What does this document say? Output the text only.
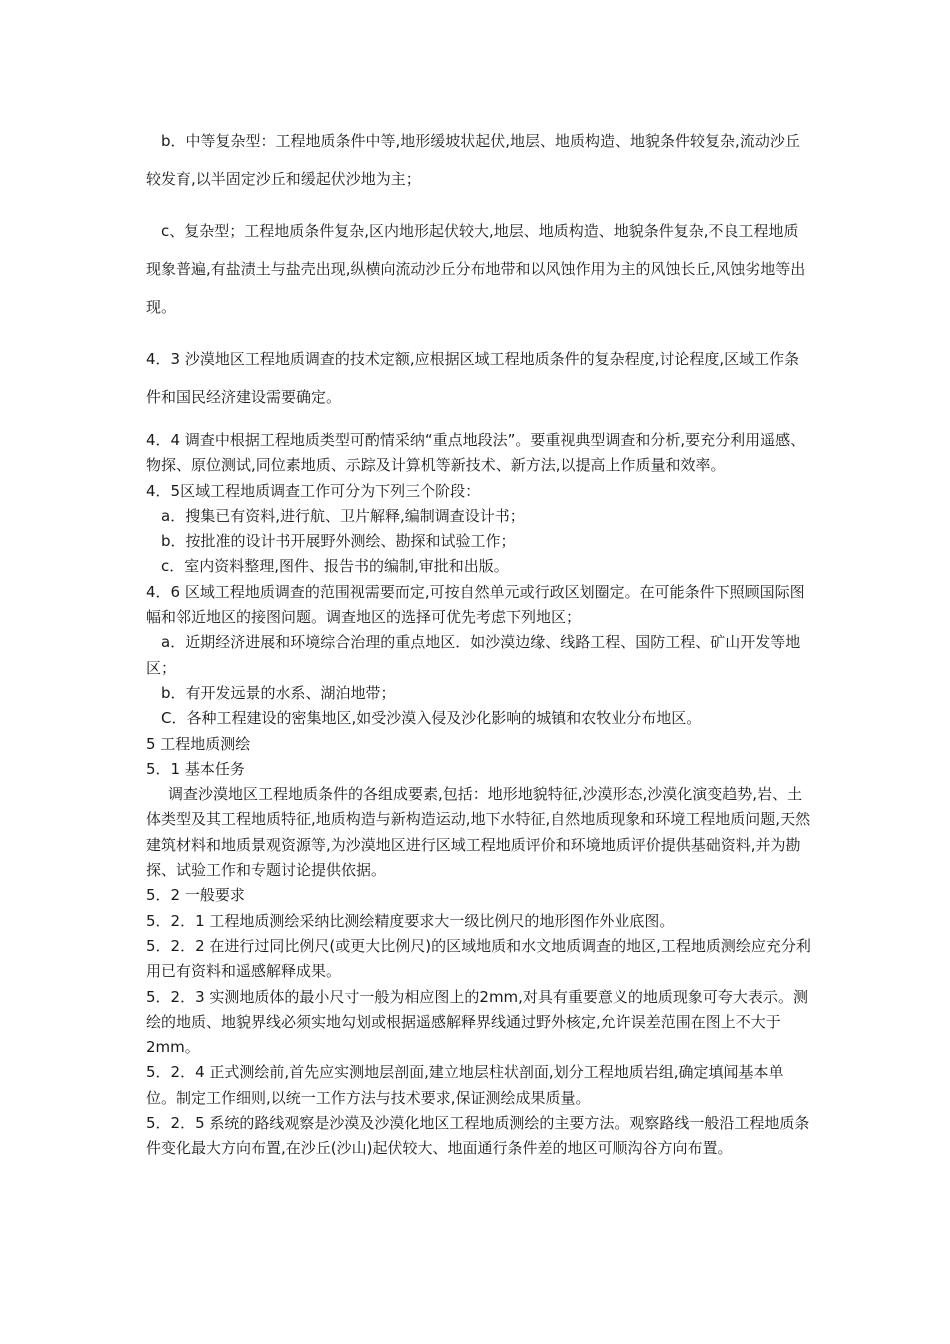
b．中等复杂型：工程地质条件中等,地形缓坡状起伏,地层、地质构造、地貌条件较复杂,流动沙丘较发育,以半固定沙丘和缓起伏沙地为主；

c、复杂型；工程地质条件复杂,区内地形起伏较大,地层、地质构造、地貌条件复杂,不良工程地质现象普遍,有盐渍土与盐壳出现,纵横向流动沙丘分布地带和以风蚀作用为主的风蚀长丘,风蚀劣地等出现。

4．3 沙漠地区工程地质调查的技术定额,应根据区域工程地质条件的复杂程度,讨论程度,区域工作条件和国民经济建设需要确定。

4．4 调查中根据工程地质类型可酌情采纳“重点地段法”。要重视典型调查和分析,要充分利用遥感、物探、原位测试,同位素地质、示踪及计算机等新技术、新方法,以提高上作质量和效率。

4．5区域工程地质调查工作可分为下列三个阶段：

a．搜集已有资料,进行航、卫片解释,编制调查设计书；

b．按批准的设计书开展野外测绘、勘探和试验工作；

c．室内资料整理,图件、报告书的编制,审批和出版。

4．6 区域工程地质调查的范围视需要而定,可按自然单元或行政区划圈定。在可能条件下照顾国际图幅和邻近地区的接图问题。调查地区的选择可优先考虑下列地区；

a．近期经济进展和环境综合治理的重点地区．如沙漠边缘、线路工程、国防工程、矿山开发等地区；

b．有开发远景的水系、湖泊地带；

C．各种工程建设的密集地区,如受沙漠入侵及沙化影响的城镇和农牧业分布地区。

5 工程地质测绘

5．1 基本任务

调查沙漠地区工程地质条件的各组成要素,包括：地形地貌特征,沙漠形态,沙漠化演变趋势,岩、土体类型及其工程地质特征,地质构造与新构造运动,地下水特征,自然地质现象和环境工程地质问题,天然建筑材料和地质景观资源等,为沙漠地区进行区域工程地质评价和环境地质评价提供基础资料,并为勘探、试验工作和专题讨论提供依据。

5．2 一般要求

5．2．1 工程地质测绘采纳比测绘精度要求大一级比例尺的地形图作外业底图。

5．2．2 在进行过同比例尺(或更大比例尺)的区域地质和水文地质调查的地区,工程地质测绘应充分利用已有资料和遥感解释成果。

5．2．3 实测地质体的最小尺寸一般为相应图上的2mm,对具有重要意义的地质现象可夸大表示。测绘的地质、地貌界线必须实地勾划或根据遥感解释界线通过野外核定,允许误差范围在图上不大于2mm。

5．2．4 正式测绘前,首先应实测地层剖面,建立地层柱状剖面,划分工程地质岩组,确定填闻基本单位。制定工作细则,以统一工作方法与技术要求,保证测绘成果质量。

5．2．5 系统的路线观察是沙漠及沙漠化地区工程地质测绘的主要方法。观察路线一般沿工程地质条件变化最大方向布置,在沙丘(沙山)起伏较大、地面通行条件差的地区可顺沟谷方向布置。
